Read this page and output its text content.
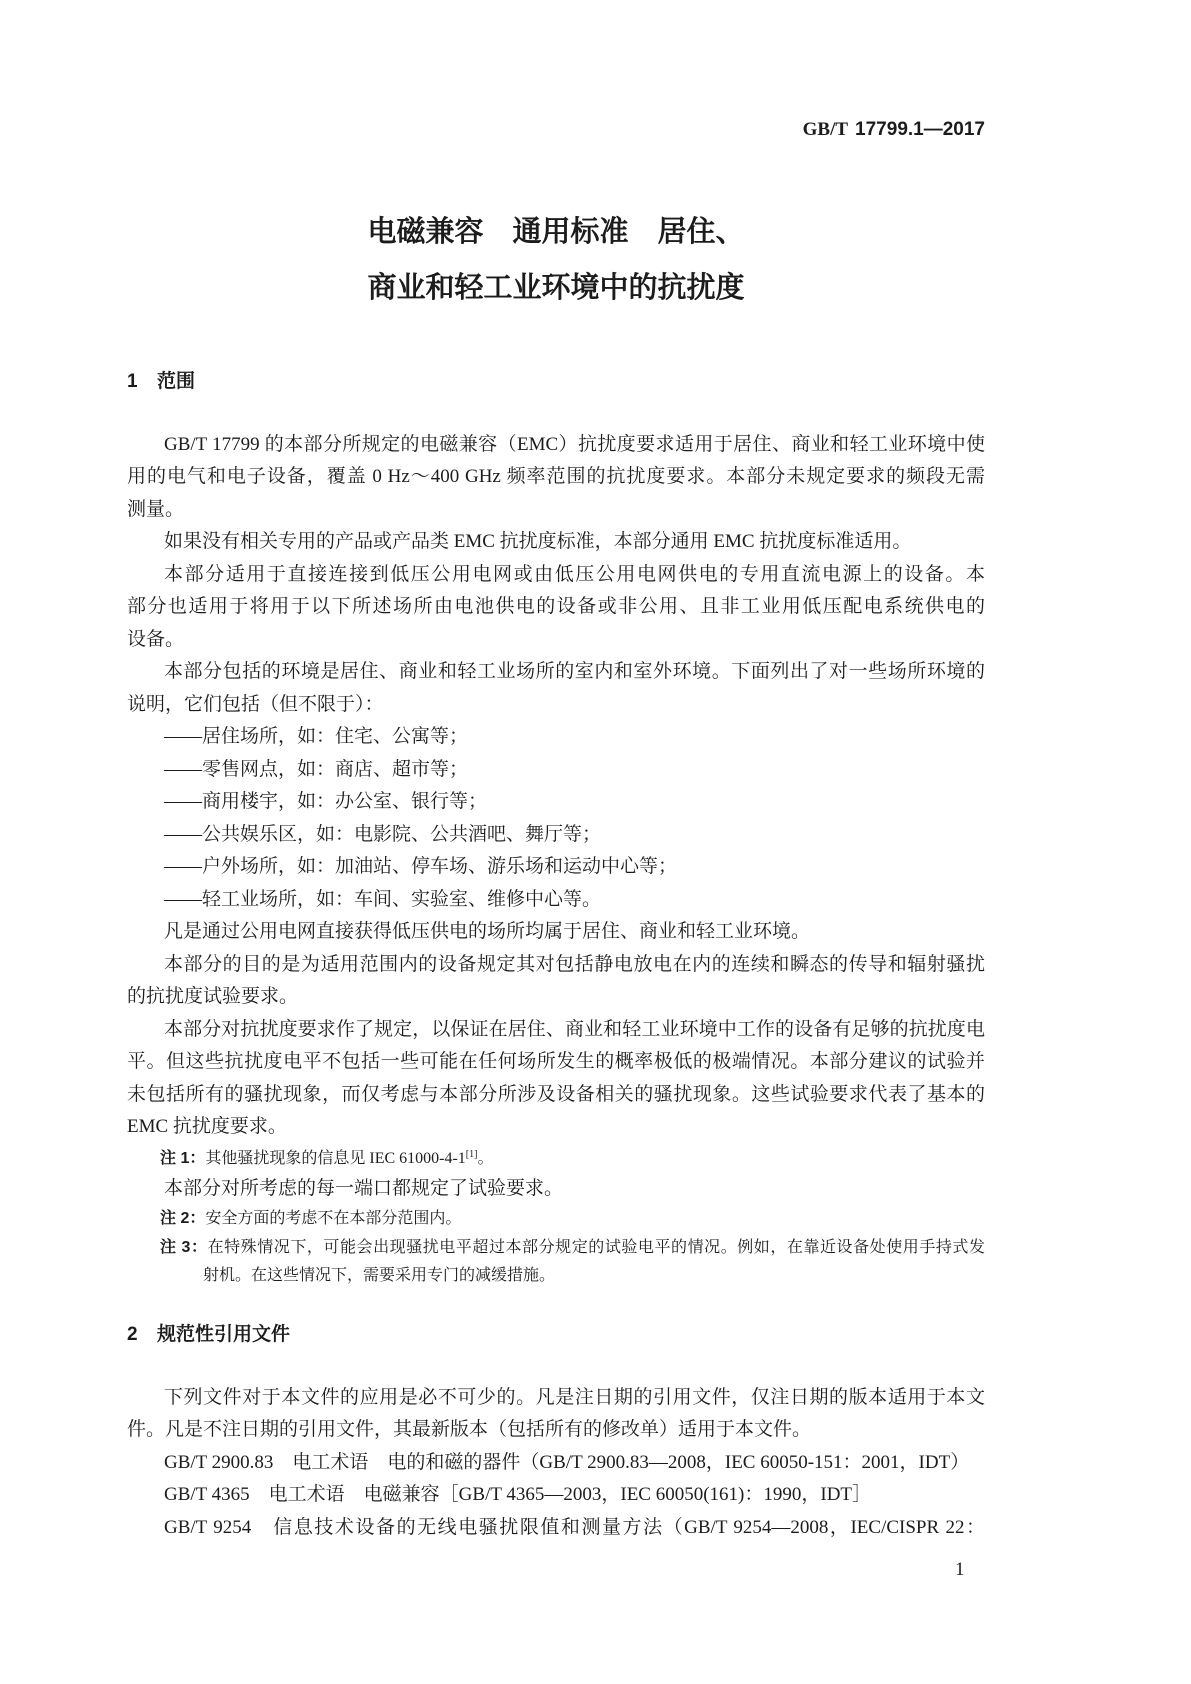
GB/T 17799.1—2017
电磁兼容　通用标准　居住、
商业和轻工业环境中的抗扰度
1 范围
GB/T 17799 的本部分所规定的电磁兼容（EMC）抗扰度要求适用于居住、商业和轻工业环境中使
用的电气和电子设备，覆盖 0 Hz～400 GHz 频率范围的抗扰度要求。本部分未规定要求的频段无需
测量。
如果没有相关专用的产品或产品类 EMC 抗扰度标准，本部分通用 EMC 抗扰度标准适用。
本部分适用于直接连接到低压公用电网或由低压公用电网供电的专用直流电源上的设备。本
部分也适用于将用于以下所述场所由电池供电的设备或非公用、且非工业用低压配电系统供电的
设备。
本部分包括的环境是居住、商业和轻工业场所的室内和室外环境。下面列出了对一些场所环境的
说明，它们包括（但不限于）：
——居住场所，如：住宅、公寓等；
——零售网点，如：商店、超市等；
——商用楼宇，如：办公室、银行等；
——公共娱乐区，如：电影院、公共酒吧、舞厅等；
——户外场所，如：加油站、停车场、游乐场和运动中心等；
——轻工业场所，如：车间、实验室、维修中心等。
凡是通过公用电网直接获得低压供电的场所均属于居住、商业和轻工业环境。
本部分的目的是为适用范围内的设备规定其对包括静电放电在内的连续和瞬态的传导和辐射骚扰
的抗扰度试验要求。
本部分对抗扰度要求作了规定，以保证在居住、商业和轻工业环境中工作的设备有足够的抗扰度电
平。但这些抗扰度电平不包括一些可能在任何场所发生的概率极低的极端情况。本部分建议的试验并
未包括所有的骚扰现象，而仅考虑与本部分所涉及设备相关的骚扰现象。这些试验要求代表了基本的
EMC 抗扰度要求。
注 1：其他骚扰现象的信息见 IEC 61000-4-1[1]。
本部分对所考虑的每一端口都规定了试验要求。
注 2：安全方面的考虑不在本部分范围内。
注 3：在特殊情况下，可能会出现骚扰电平超过本部分规定的试验电平的情况。例如，在靠近设备处使用手持式发
射机。在这些情况下，需要采用专门的减缓措施。
2 规范性引用文件
下列文件对于本文件的应用是必不可少的。凡是注日期的引用文件，仅注日期的版本适用于本文
件。凡是不注日期的引用文件，其最新版本（包括所有的修改单）适用于本文件。
GB/T 2900.83　电工术语　电的和磁的器件（GB/T 2900.83—2008，IEC 60050-151：2001，IDT）
GB/T 4365　电工术语　电磁兼容［GB/T 4365—2003，IEC 60050(161)：1990，IDT］
GB/T 9254　信息技术设备的无线电骚扰限值和测量方法（GB/T 9254—2008，IEC/CISPR 22：
1
